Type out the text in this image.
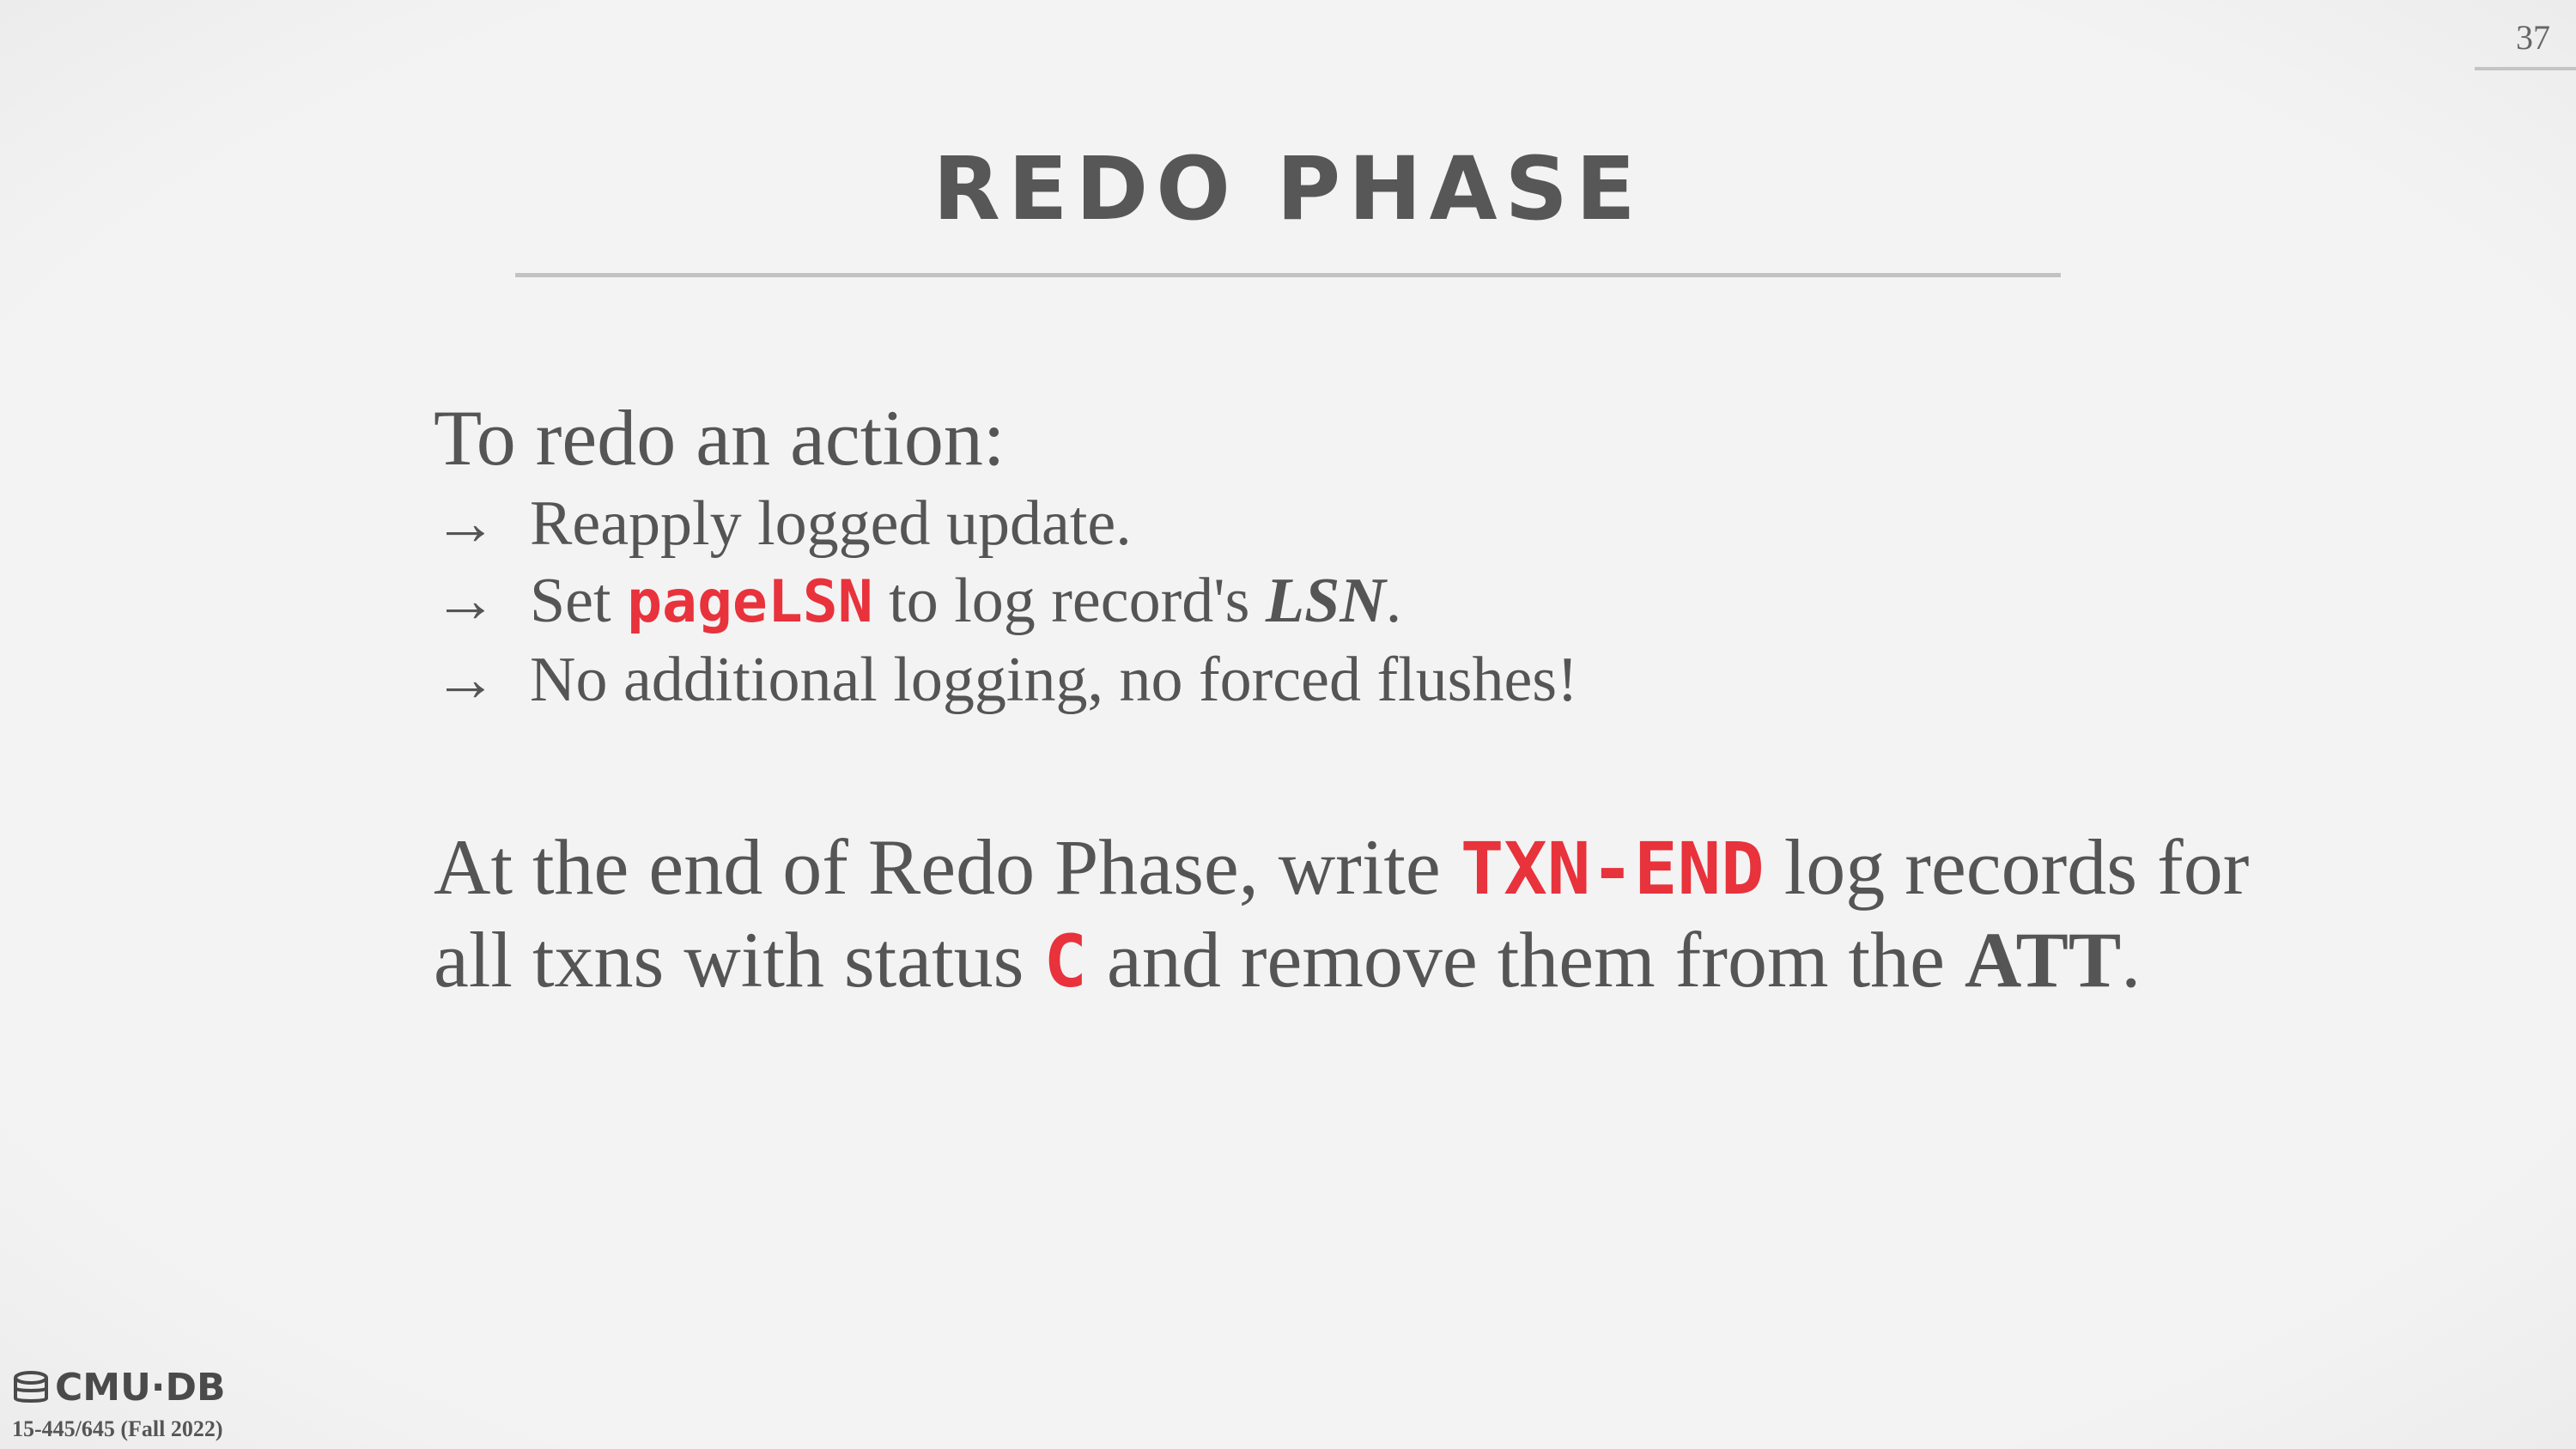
37
REDO PHASE

To redo an action:

→ Reapply logged update.
→ Set pageLSN to log record's LSN.
→ No additional logging, no forced flushes!

At the end of Redo Phase, write TXN-END log records for all txns with status C and remove them from the ATT.

CMU·DB
15-445/645 (Fall 2022)
